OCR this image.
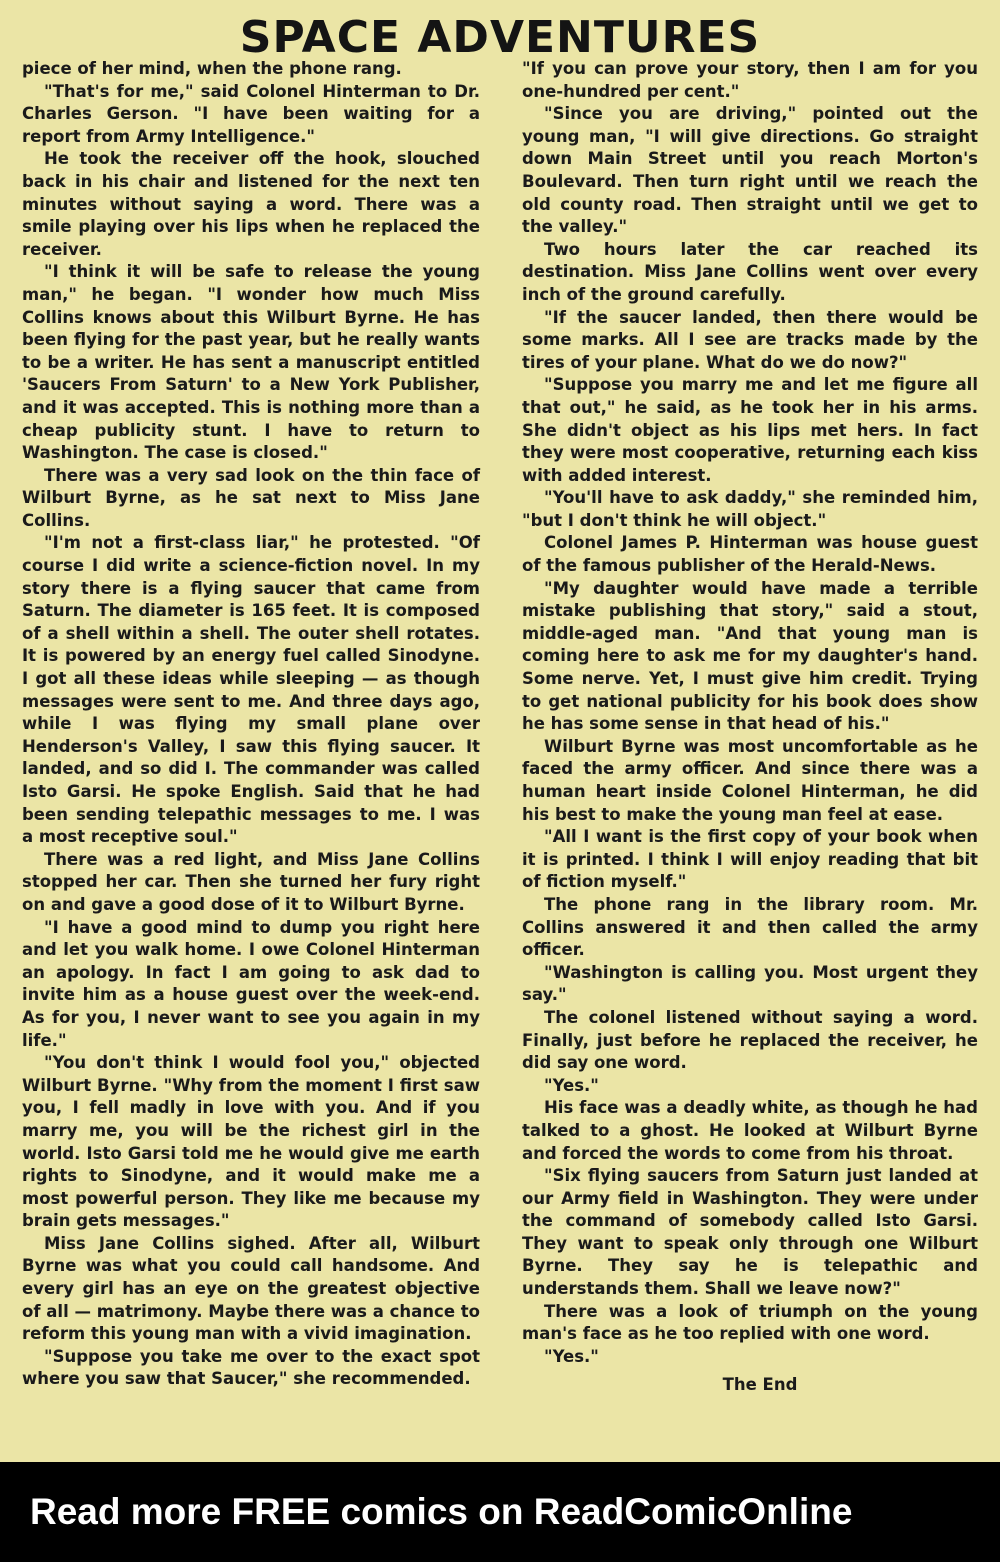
SPACE ADVENTURES

piece of her mind, when the phone rang.

"That's for me," said Colonel Hinterman to Dr. Charles Gerson. "I have been waiting for a report from Army Intelligence."

He took the receiver off the hook, slouched back in his chair and listened for the next ten minutes without saying a word. There was a smile playing over his lips when he replaced the receiver.

"I think it will be safe to release the young man," he began. "I wonder how much Miss Collins knows about this Wilburt Byrne. He has been flying for the past year, but he really wants to be a writer. He has sent a manuscript entitled 'Saucers From Saturn' to a New York Publisher, and it was accepted. This is nothing more than a cheap publicity stunt. I have to return to Washington. The case is closed."

There was a very sad look on the thin face of Wilburt Byrne, as he sat next to Miss Jane Collins.

"I'm not a first-class liar," he protested. "Of course I did write a science-fiction novel. In my story there is a flying saucer that came from Saturn. The diameter is 165 feet. It is composed of a shell within a shell. The outer shell rotates. It is powered by an energy fuel called Sinodyne. I got all these ideas while sleeping — as though messages were sent to me. And three days ago, while I was flying my small plane over Henderson's Valley, I saw this flying saucer. It landed, and so did I. The commander was called Isto Garsi. He spoke English. Said that he had been sending telepathic messages to me. I was a most receptive soul."

There was a red light, and Miss Jane Collins stopped her car. Then she turned her fury right on and gave a good dose of it to Wilburt Byrne.

"I have a good mind to dump you right here and let you walk home. I owe Colonel Hinterman an apology. In fact I am going to ask dad to invite him as a house guest over the week-end. As for you, I never want to see you again in my life."

"You don't think I would fool you," objected Wilburt Byrne. "Why from the moment I first saw you, I fell madly in love with you. And if you marry me, you will be the richest girl in the world. Isto Garsi told me he would give me earth rights to Sinodyne, and it would make me a most powerful person. They like me because my brain gets messages."

Miss Jane Collins sighed. After all, Wilburt Byrne was what you could call handsome. And every girl has an eye on the greatest objective of all — matrimony. Maybe there was a chance to reform this young man with a vivid imagination.

"Suppose you take me over to the exact spot where you saw that Saucer," she recommended.

"If you can prove your story, then I am for you one-hundred per cent."

"Since you are driving," pointed out the young man, "I will give directions. Go straight down Main Street until you reach Morton's Boulevard. Then turn right until we reach the old county road. Then straight until we get to the valley."

Two hours later the car reached its destination. Miss Jane Collins went over every inch of the ground carefully.

"If the saucer landed, then there would be some marks. All I see are tracks made by the tires of your plane. What do we do now?"

"Suppose you marry me and let me figure all that out," he said, as he took her in his arms. She didn't object as his lips met hers. In fact they were most cooperative, returning each kiss with added interest.

"You'll have to ask daddy," she reminded him, "but I don't think he will object."

Colonel James P. Hinterman was house guest of the famous publisher of the Herald-News.

"My daughter would have made a terrible mistake publishing that story," said a stout, middle-aged man. "And that young man is coming here to ask me for my daughter's hand. Some nerve. Yet, I must give him credit. Trying to get national publicity for his book does show he has some sense in that head of his."

Wilburt Byrne was most uncomfortable as he faced the army officer. And since there was a human heart inside Colonel Hinterman, he did his best to make the young man feel at ease.

"All I want is the first copy of your book when it is printed. I think I will enjoy reading that bit of fiction myself."

The phone rang in the library room. Mr. Collins answered it and then called the army officer.

"Washington is calling you. Most urgent they say."

The colonel listened without saying a word. Finally, just before he replaced the receiver, he did say one word.

"Yes."

His face was a deadly white, as though he had talked to a ghost. He looked at Wilburt Byrne and forced the words to come from his throat.

"Six flying saucers from Saturn just landed at our Army field in Washington. They were under the command of somebody called Isto Garsi. They want to speak only through one Wilburt Byrne. They say he is telepathic and understands them. Shall we leave now?"

There was a look of triumph on the young man's face as he too replied with one word.

"Yes."

The End

Read more FREE comics on ReadComicOnline
